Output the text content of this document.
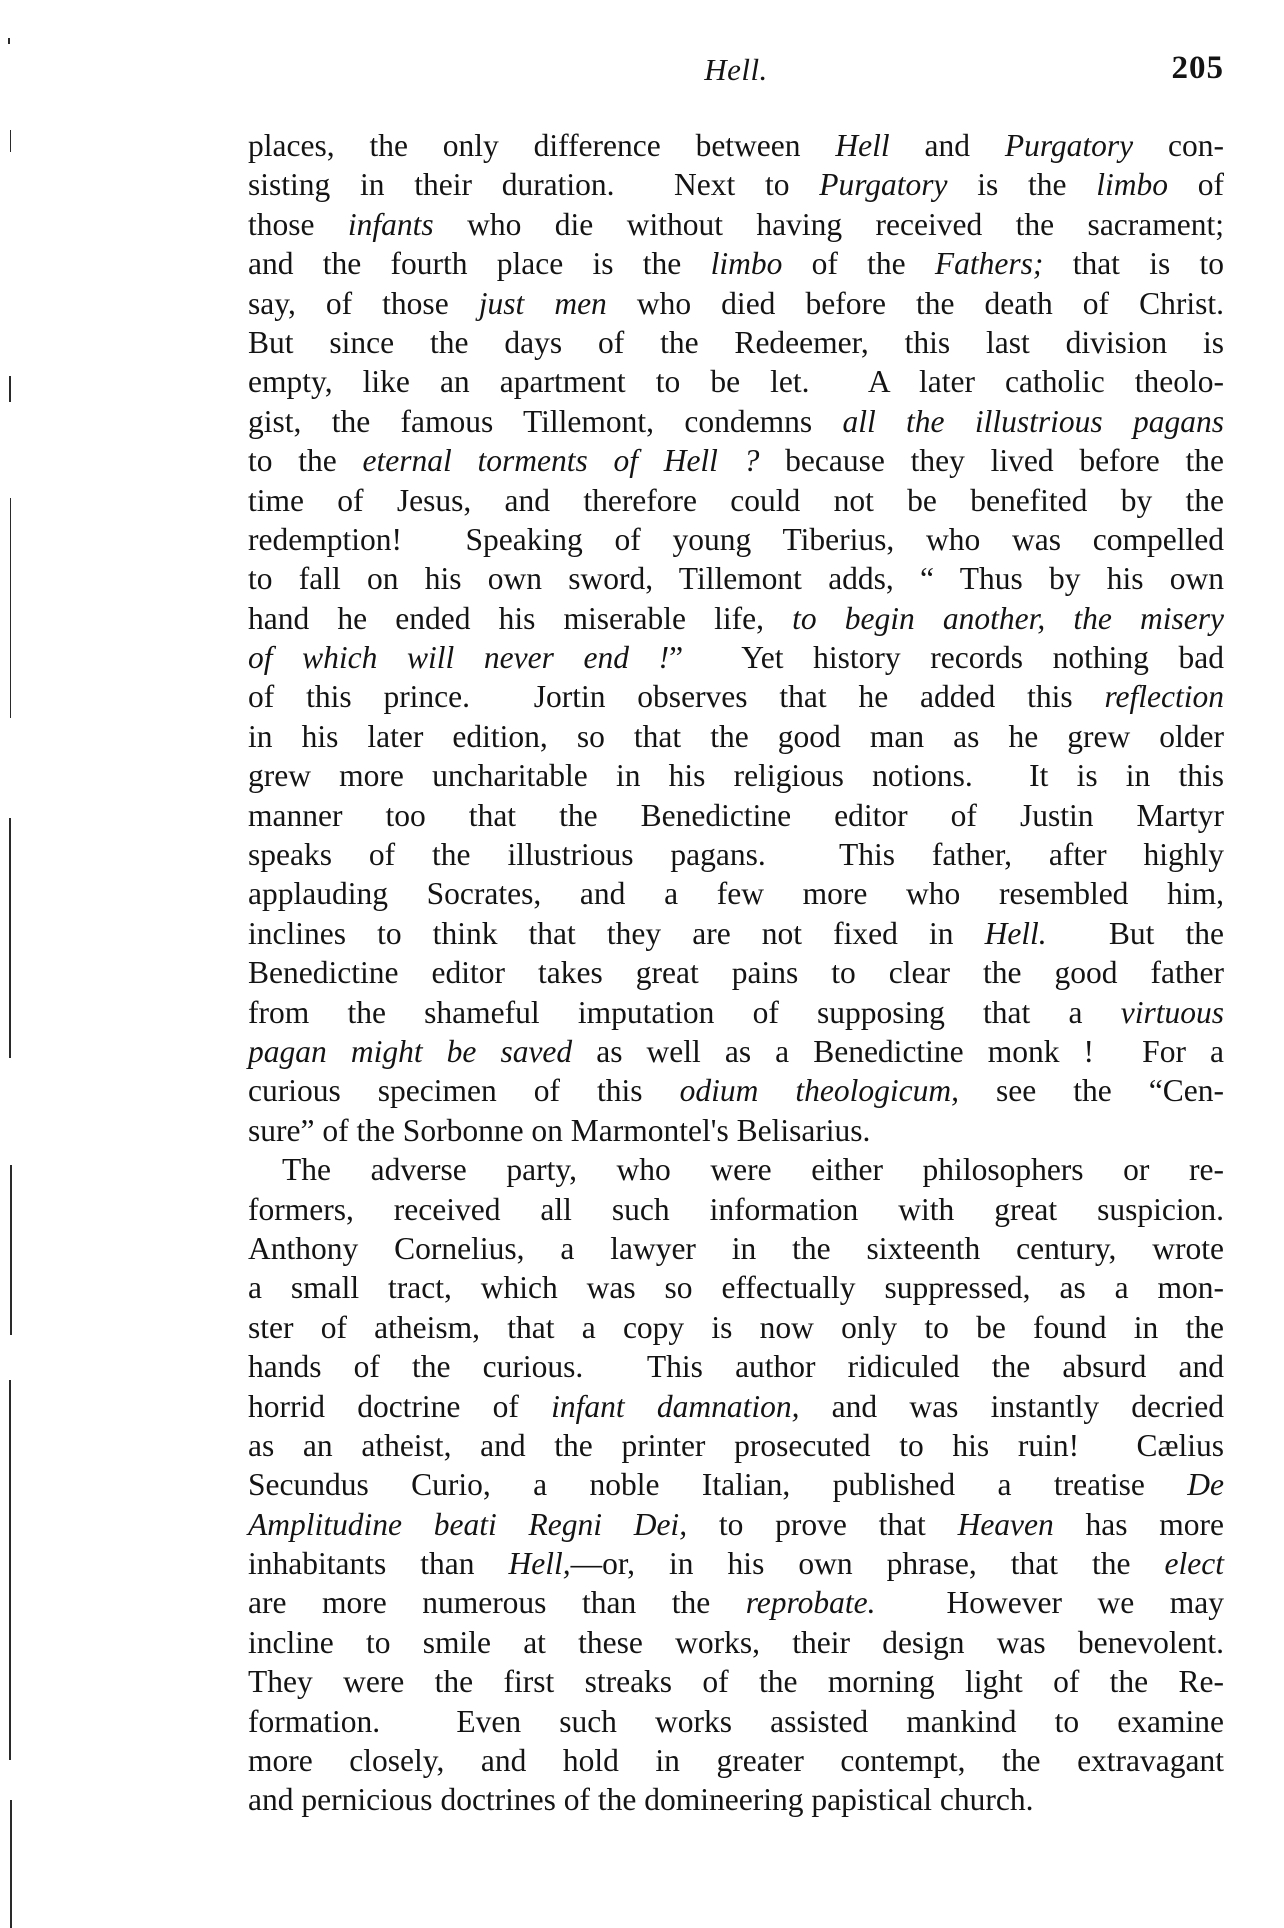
Hell.	205
places, the only difference between Hell and Purgatory con-
sisting in their duration.  Next to Purgatory is the limbo of
those infants who die without having received the sacrament;
and the fourth place is the limbo of the Fathers; that is to
say, of those just men who died before the death of Christ.
But since the days of the Redeemer, this last division is
empty, like an apartment to be let.  A later catholic theolo-
gist, the famous Tillemont, condemns all the illustrious pagans
to the eternal torments of Hell ? because they lived before the
time of Jesus, and therefore could not be benefited by the
redemption!  Speaking of young Tiberius, who was compelled
to fall on his own sword, Tillemont adds, “ Thus by his own
hand he ended his miserable life, to begin another, the misery
of which will never end !”  Yet history records nothing bad
of this prince.  Jortin observes that he added this reflection
in his later edition, so that the good man as he grew older
grew more uncharitable in his religious notions.  It is in this
manner too that the Benedictine editor of Justin Martyr
speaks of the illustrious pagans.  This father, after highly
applauding Socrates, and a few more who resembled him,
inclines to think that they are not fixed in Hell.  But the
Benedictine editor takes great pains to clear the good father
from the shameful imputation of supposing that a virtuous
pagan might be saved as well as a Benedictine monk !  For a
curious specimen of this odium theologicum, see the “Cen-
sure” of the Sorbonne on Marmontel's Belisarius.
The adverse party, who were either philosophers or re-
formers, received all such information with great suspicion.
Anthony Cornelius, a lawyer in the sixteenth century, wrote
a small tract, which was so effectually suppressed, as a mon-
ster of atheism, that a copy is now only to be found in the
hands of the curious.  This author ridiculed the absurd and
horrid doctrine of infant damnation, and was instantly decried
as an atheist, and the printer prosecuted to his ruin!  Cælius
Secundus Curio, a noble Italian, published a treatise De
Amplitudine beati Regni Dei, to prove that Heaven has more
inhabitants than Hell,—or, in his own phrase, that the elect
are more numerous than the reprobate.  However we may
incline to smile at these works, their design was benevolent.
They were the first streaks of the morning light of the Re-
formation.  Even such works assisted mankind to examine
more closely, and hold in greater contempt, the extravagant
and pernicious doctrines of the domineering papistical church.
